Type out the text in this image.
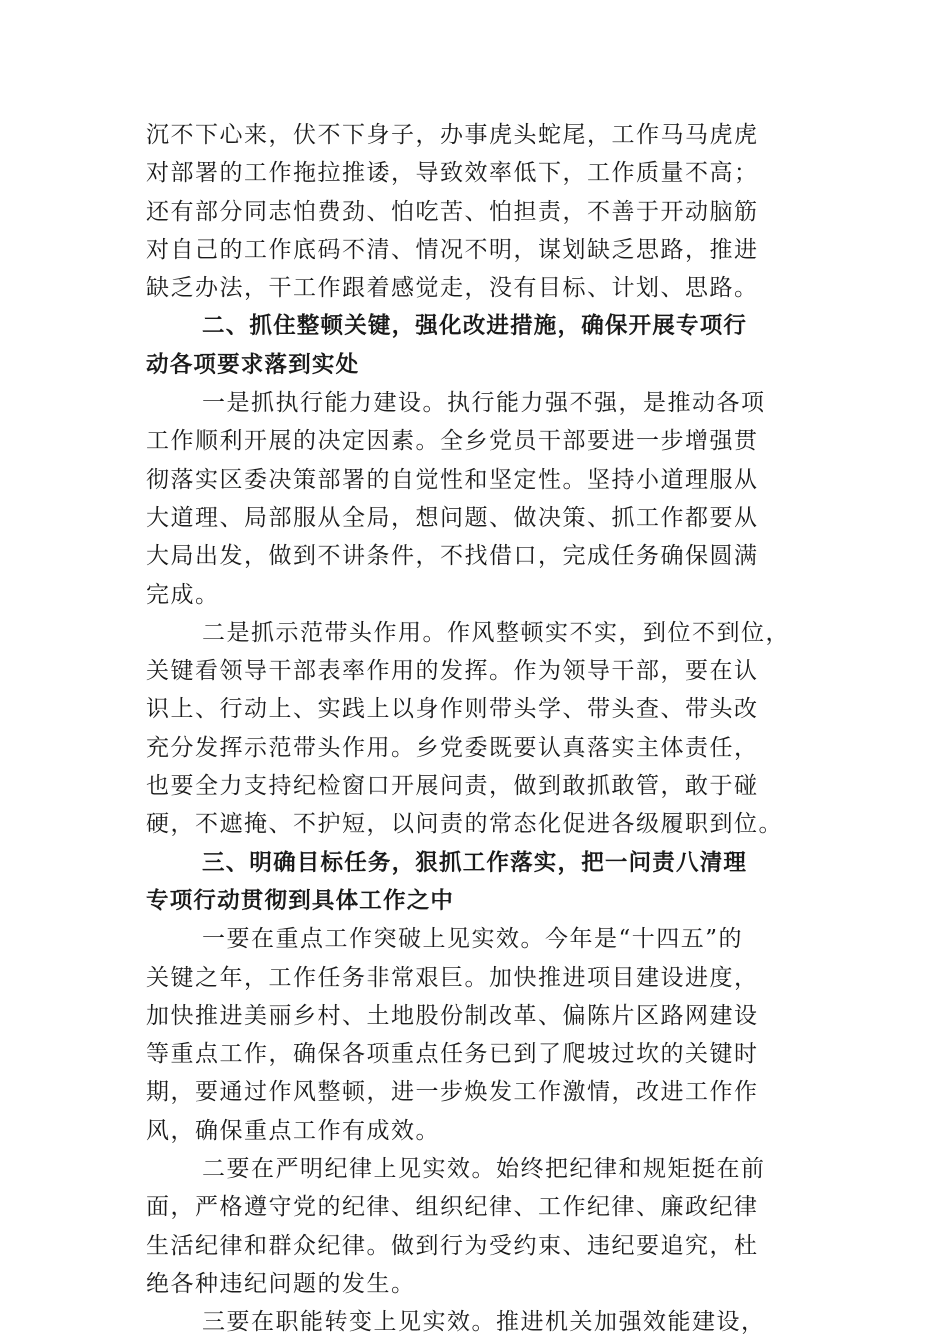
沉不下心来，伏不下身子，办事虎头蛇尾，工作马马虎虎
对部署的工作拖拉推诿，导致效率低下，工作质量不高；
还有部分同志怕费劲、怕吃苦、怕担责，不善于开动脑筋
对自己的工作底码不清、情况不明，谋划缺乏思路，推进
缺乏办法，干工作跟着感觉走，没有目标、计划、思路。
二、抓住整顿关键，强化改进措施，确保开展专项行
动各项要求落到实处
一是抓执行能力建设。执行能力强不强，是推动各项
工作顺利开展的决定因素。全乡党员干部要进一步增强贯
彻落实区委决策部署的自觉性和坚定性。坚持小道理服从
大道理、局部服从全局，想问题、做决策、抓工作都要从
大局出发，做到不讲条件，不找借口，完成任务确保圆满
完成。
二是抓示范带头作用。作风整顿实不实，到位不到位，
关键看领导干部表率作用的发挥。作为领导干部，要在认
识上、行动上、实践上以身作则带头学、带头查、带头改
充分发挥示范带头作用。乡党委既要认真落实主体责任，
也要全力支持纪检窗口开展问责，做到敢抓敢管，敢于碰
硬，不遮掩、不护短，以问责的常态化促进各级履职到位。
三、明确目标任务，狠抓工作落实，把一问责八清理
专项行动贯彻到具体工作之中
一要在重点工作突破上见实效。今年是“十四五”的
关键之年，工作任务非常艰巨。加快推进项目建设进度，
加快推进美丽乡村、土地股份制改革、偏陈片区路网建设
等重点工作，确保各项重点任务已到了爬坡过坎的关键时
期，要通过作风整顿，进一步焕发工作激情，改进工作作
风，确保重点工作有成效。
二要在严明纪律上见实效。始终把纪律和规矩挺在前
面，严格遵守党的纪律、组织纪律、工作纪律、廉政纪律
生活纪律和群众纪律。做到行为受约束、违纪要追究，杜
绝各种违纪问题的发生。
三要在职能转变上见实效。推进机关加强效能建设，
